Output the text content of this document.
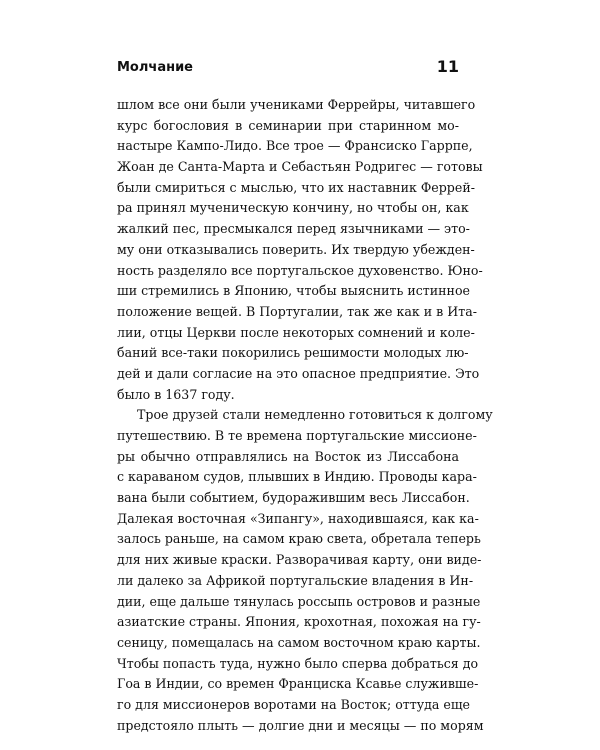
Молчание	11
шлом все они были учениками Феррейры, читавшего
курс богословия в семинарии при старинном мо-
настыре Кампо-Лидо. Все трое — Франсиско Гаррпе,
Жоан де Санта-Марта и Себастьян Родригес — готовы
были смириться с мыслью, что их наставник Феррей-
ра принял мученическую кончину, но чтобы он, как
жалкий пес, пресмыкался перед язычниками — это-
му они отказывались поверить. Их твердую убежден-
ность разделяло все португальское духовенство. Юно-
ши стремились в Японию, чтобы выяснить истинное
положение вещей. В Португалии, так же как и в Ита-
лии, отцы Церкви после некоторых сомнений и коле-
баний все-таки покорились решимости молодых лю-
дей и дали согласие на это опасное предприятие. Это
было в 1637 году.
Трое друзей стали немедленно готовиться к долгому
путешествию. В те времена португальские миссионе-
ры обычно отправлялись на Восток из Лиссабона
с караваном судов, плывших в Индию. Проводы кара-
вана были событием, будоражившим весь Лиссабон.
Далекая восточная «Зипангу», находившаяся, как ка-
залось раньше, на самом краю света, обретала теперь
для них живые краски. Разворачивая карту, они виде-
ли далеко за Африкой португальские владения в Ин-
дии, еще дальше тянулась россыпь островов и разные
азиатские страны. Япония, крохотная, похожая на гу-
сеницу, помещалась на самом восточном краю карты.
Чтобы попасть туда, нужно было сперва добраться до
Гоа в Индии, со времен Франциска Ксавье служивше-
го для миссионеров воротами на Восток; оттуда еще
предстояло плыть — долгие дни и месяцы — по морям
